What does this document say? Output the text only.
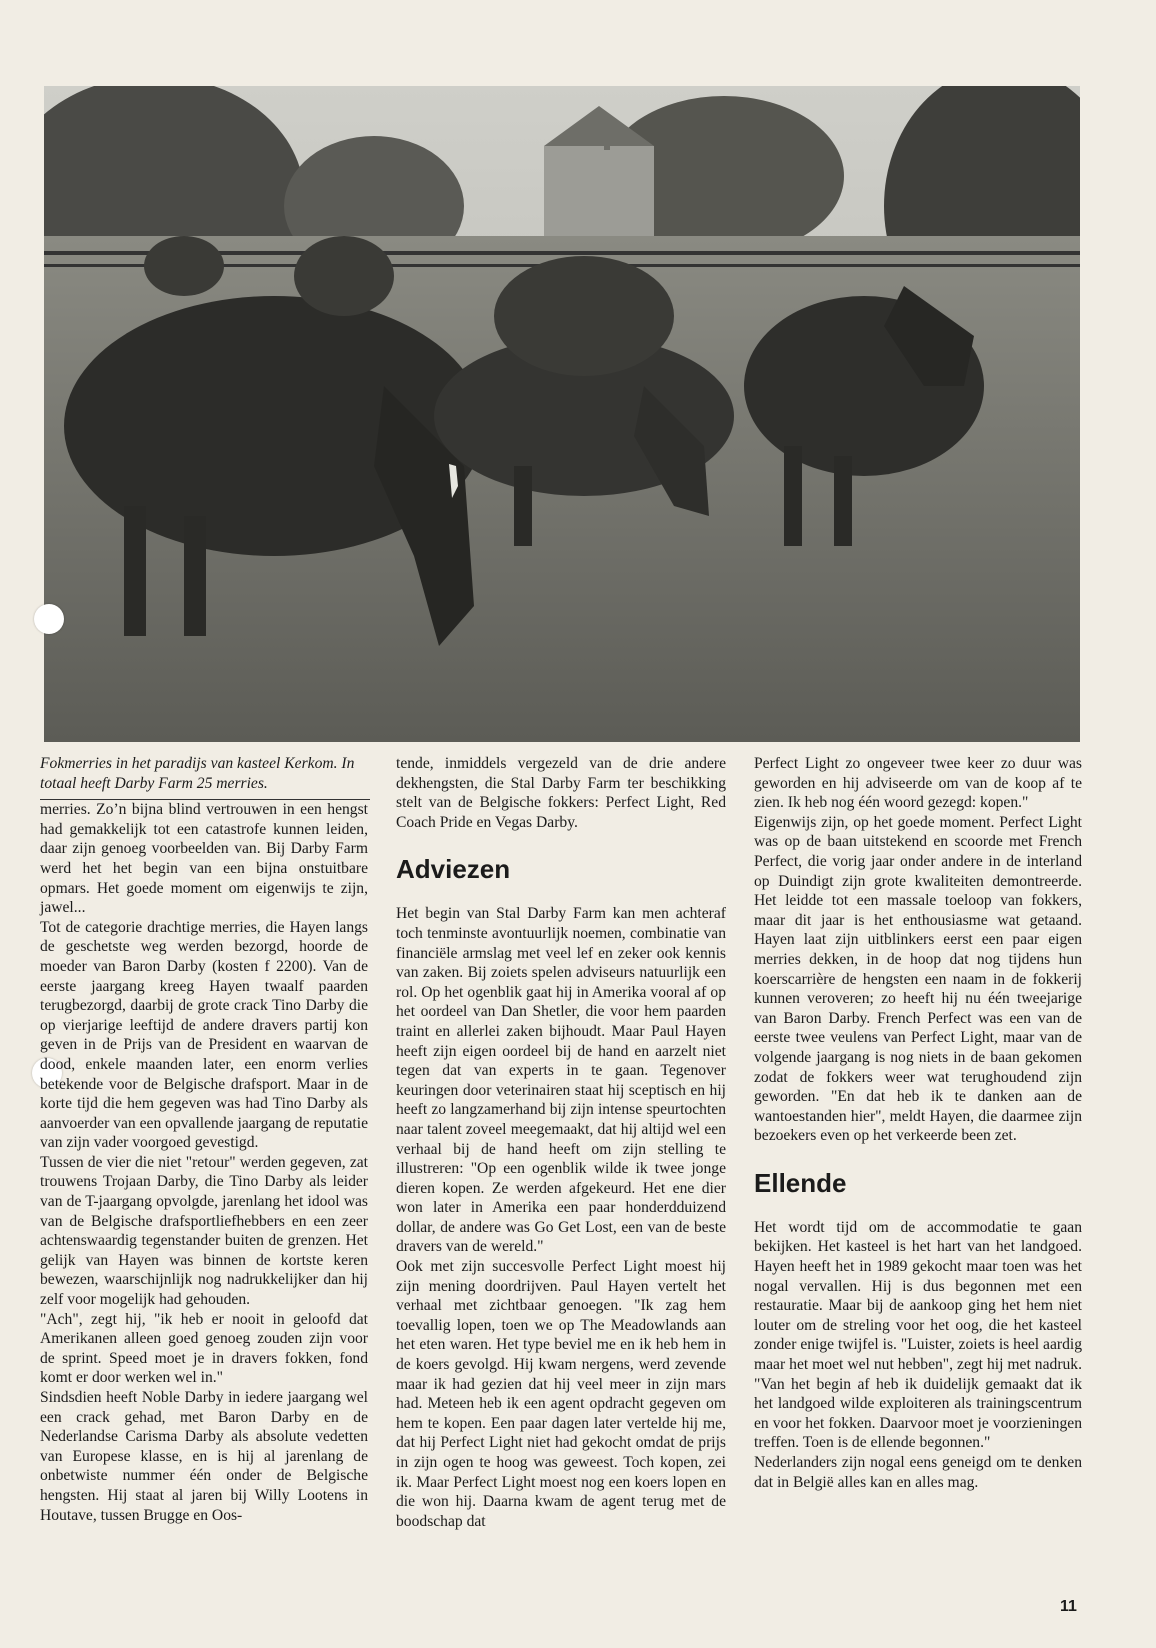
Fokmerries in het paradijs van kasteel Kerkom. In totaal heeft Darby Farm 25 merries.

merries. Zo’n bijna blind vertrouwen in een hengst had gemakkelijk tot een catastrofe kunnen leiden, daar zijn genoeg voorbeelden van. Bij Darby Farm werd het het begin van een bijna onstuitbare opmars. Het goede moment om eigenwijs te zijn, jawel...

Tot de categorie drachtige merries, die Hayen langs de geschetste weg werden bezorgd, hoorde de moeder van Baron Darby (kosten f 2200). Van de eerste jaargang kreeg Hayen twaalf paarden terugbezorgd, daarbij de grote crack Tino Darby die op vierjarige leeftijd de andere dravers partij kon geven in de Prijs van de President en waarvan de dood, enkele maanden later, een enorm verlies betekende voor de Belgische drafsport. Maar in de korte tijd die hem gegeven was had Tino Darby als aanvoerder van een opvallende jaargang de reputatie van zijn vader voorgoed gevestigd.

Tussen de vier die niet "retour" werden gegeven, zat trouwens Trojaan Darby, die Tino Darby als leider van de T-jaargang opvolgde, jarenlang het idool was van de Belgische drafsportliefhebbers en een zeer achtenswaardig tegenstander buiten de grenzen. Het gelijk van Hayen was binnen de kortste keren bewezen, waarschijnlijk nog nadrukkelijker dan hij zelf voor mogelijk had gehouden.

"Ach", zegt hij, "ik heb er nooit in geloofd dat Amerikanen alleen goed genoeg zouden zijn voor de sprint. Speed moet je in dravers fokken, fond komt er door werken wel in."

Sindsdien heeft Noble Darby in iedere jaargang wel een crack gehad, met Baron Darby en de Nederlandse Carisma Darby als absolute vedetten van Europese klasse, en is hij al jarenlang de onbetwiste nummer één onder de Belgische hengsten. Hij staat al jaren bij Willy Lootens in Houtave, tussen Brugge en Oos-

tende, inmiddels vergezeld van de drie andere dekhengsten, die Stal Darby Farm ter beschikking stelt van de Belgische fokkers: Perfect Light, Red Coach Pride en Vegas Darby.

Adviezen

Het begin van Stal Darby Farm kan men achteraf toch tenminste avontuurlijk noemen, combinatie van financiële armslag met veel lef en zeker ook kennis van zaken. Bij zoiets spelen adviseurs natuurlijk een rol. Op het ogenblik gaat hij in Amerika vooral af op het oordeel van Dan Shetler, die voor hem paarden traint en allerlei zaken bijhoudt. Maar Paul Hayen heeft zijn eigen oordeel bij de hand en aarzelt niet tegen dat van experts in te gaan. Tegenover keuringen door veterinairen staat hij sceptisch en hij heeft zo langzamerhand bij zijn intense speurtochten naar talent zoveel meegemaakt, dat hij altijd wel een verhaal bij de hand heeft om zijn stelling te illustreren: "Op een ogenblik wilde ik twee jonge dieren kopen. Ze werden afgekeurd. Het ene dier won later in Amerika een paar honderdduizend dollar, de andere was Go Get Lost, een van de beste dravers van de wereld."

Ook met zijn succesvolle Perfect Light moest hij zijn mening doordrijven. Paul Hayen vertelt het verhaal met zichtbaar genoegen. "Ik zag hem toevallig lopen, toen we op The Meadowlands aan het eten waren. Het type beviel me en ik heb hem in de koers gevolgd. Hij kwam nergens, werd zevende maar ik had gezien dat hij veel meer in zijn mars had. Meteen heb ik een agent opdracht gegeven om hem te kopen. Een paar dagen later vertelde hij me, dat hij Perfect Light niet had gekocht omdat de prijs in zijn ogen te hoog was geweest. Toch kopen, zei ik. Maar Perfect Light moest nog een koers lopen en die won hij. Daarna kwam de agent terug met de boodschap dat

Perfect Light zo ongeveer twee keer zo duur was geworden en hij adviseerde om van de koop af te zien. Ik heb nog één woord gezegd: kopen."

Eigenwijs zijn, op het goede moment. Perfect Light was op de baan uitstekend en scoorde met French Perfect, die vorig jaar onder andere in de interland op Duindigt zijn grote kwaliteiten demontreerde. Het leidde tot een massale toeloop van fokkers, maar dit jaar is het enthousiasme wat getaand. Hayen laat zijn uitblinkers eerst een paar eigen merries dekken, in de hoop dat nog tijdens hun koerscarrière de hengsten een naam in de fokkerij kunnen veroveren; zo heeft hij nu één tweejarige van Baron Darby. French Perfect was een van de eerste twee veulens van Perfect Light, maar van de volgende jaargang is nog niets in de baan gekomen zodat de fokkers weer wat terughoudend zijn geworden. "En dat heb ik te danken aan de wantoestanden hier", meldt Hayen, die daarmee zijn bezoekers even op het verkeerde been zet.

Ellende

Het wordt tijd om de accommodatie te gaan bekijken. Het kasteel is het hart van het landgoed. Hayen heeft het in 1989 gekocht maar toen was het nogal vervallen. Hij is dus begonnen met een restauratie. Maar bij de aankoop ging het hem niet louter om de streling voor het oog, die het kasteel zonder enige twijfel is. "Luister, zoiets is heel aardig maar het moet wel nut hebben", zegt hij met nadruk. "Van het begin af heb ik duidelijk gemaakt dat ik het landgoed wilde exploiteren als trainingscentrum en voor het fokken. Daarvoor moet je voorzieningen treffen. Toen is de ellende begonnen."

Nederlanders zijn nogal eens geneigd om te denken dat in België alles kan en alles mag.

11
